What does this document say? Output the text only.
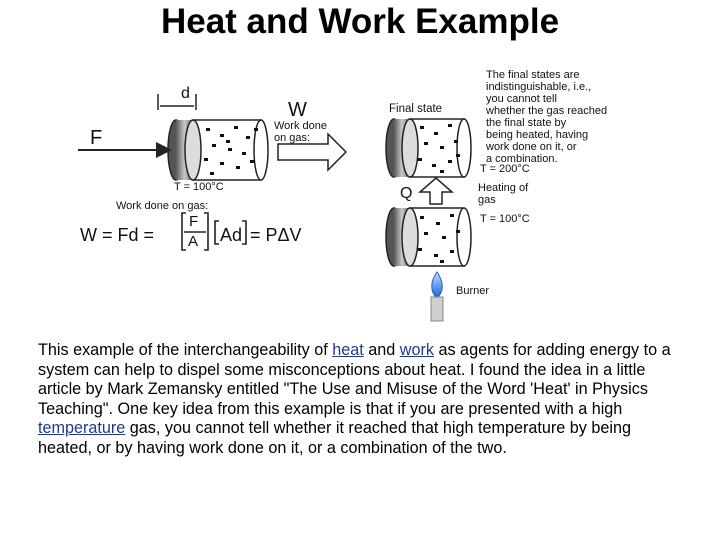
Heat and Work Example
d
F
W
Work done
on gas:
T = 100°C
Work done on gas:
W = Fd =
F
A Ad = PΔV
Final state
T = 200°C
Q	Heating of
gas
T = 100°C
Burner
The final states are
indistinguishable, i.e.,
you cannot tell
whether the gas reached
the final state by
being heated, having
work done on it, or
a combination.

This example of the interchangeability of heat and work as agents for adding energy to a system can help to dispel some misconceptions about heat. I found the idea in a little article by Mark Zemansky entitled "The Use and Misuse of the Word 'Heat' in Physics Teaching". One key idea from this example is that if you are presented with a high temperature gas, you cannot tell whether it reached that high temperature by being heated, or by having work done on it, or a combination of the two.
